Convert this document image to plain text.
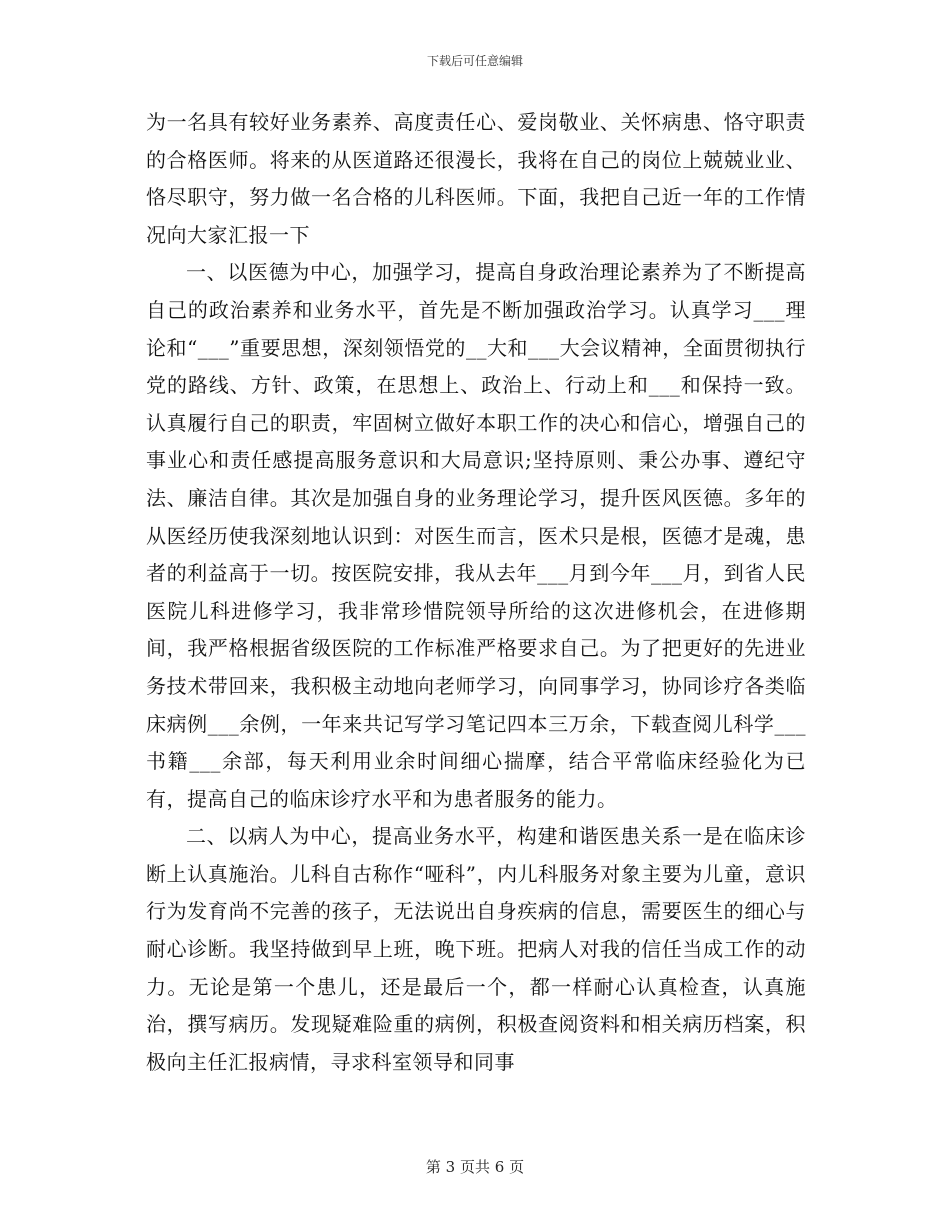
下载后可任意编辑

为一名具有较好业务素养、高度责任心、爱岗敬业、关怀病患、恪守职责的合格医师。将来的从医道路还很漫长，我将在自己的岗位上兢兢业业、恪尽职守，努力做一名合格的儿科医师。下面，我把自己近一年的工作情况向大家汇报一下

一、以医德为中心，加强学习，提高自身政治理论素养为了不断提高自己的政治素养和业务水平，首先是不断加强政治学习。认真学习___理论和“___”重要思想，深刻领悟党的__大和___大会议精神，全面贯彻执行党的路线、方针、政策，在思想上、政治上、行动上和___和保持一致。认真履行自己的职责，牢固树立做好本职工作的决心和信心，增强自己的事业心和责任感提高服务意识和大局意识;坚持原则、秉公办事、遵纪守法、廉洁自律。其次是加强自身的业务理论学习，提升医风医德。多年的从医经历使我深刻地认识到：对医生而言，医术只是根，医德才是魂，患者的利益高于一切。按医院安排，我从去年___月到今年___月，到省人民医院儿科进修学习，我非常珍惜院领导所给的这次进修机会，在进修期间，我严格根据省级医院的工作标准严格要求自己。为了把更好的先进业务技术带回来，我积极主动地向老师学习，向同事学习，协同诊疗各类临床病例___余例，一年来共记写学习笔记四本三万余，下载查阅儿科学___书籍___余部，每天利用业余时间细心揣摩，结合平常临床经验化为已有，提高自己的临床诊疗水平和为患者服务的能力。

二、以病人为中心，提高业务水平，构建和谐医患关系一是在临床诊断上认真施治。儿科自古称作“哑科”，内儿科服务对象主要为儿童，意识行为发育尚不完善的孩子，无法说出自身疾病的信息，需要医生的细心与耐心诊断。我坚持做到早上班，晚下班。把病人对我的信任当成工作的动力。无论是第一个患儿，还是最后一个，都一样耐心认真检查，认真施治，撰写病历。发现疑难险重的病例，积极查阅资料和相关病历档案，积极向主任汇报病情，寻求科室领导和同事

第 3 页共 6 页
